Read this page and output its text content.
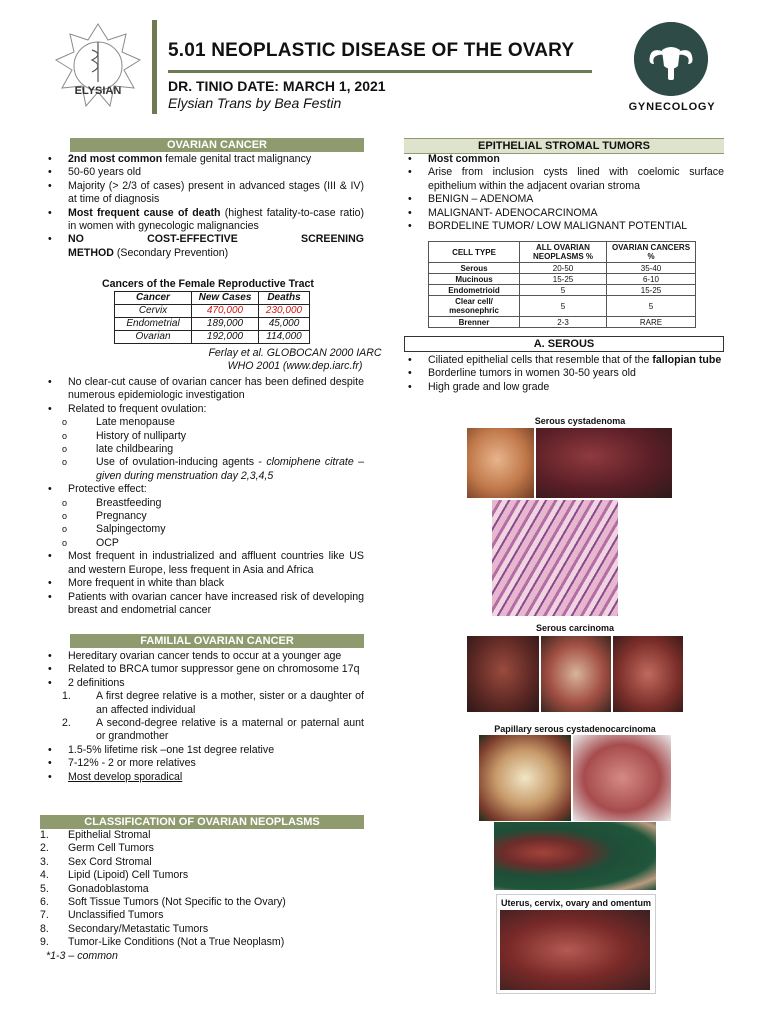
ELYSIAN
5.01 NEOPLASTIC DISEASE OF THE OVARY
DR. TINIO DATE: MARCH 1, 2021
Elysian Trans by Bea Festin	GYNECOLOGY
OVARIAN CANCER
• 2nd most common female genital tract malignancy
• 50-60 years old
• Majority (> 2/3 of cases) present in advanced stages (III & IV) at time of diagnosis
• Most frequent cause of death (highest fatality-to-case ratio) in women with gynecologic malignancies
• NO COST-EFFECTIVE SCREENING METHOD (Secondary Prevention)
Cancers of the Female Reproductive Tract
Cancer	New Cases	Deaths
Cervix	470,000	230,000
Endometrial	189,000	45,000
Ovarian	192,000	114,000
Ferlay et al. GLOBOCAN 2000 IARC
WHO 2001 (www.dep.iarc.fr)
• No clear-cut cause of ovarian cancer has been defined despite numerous epidemiologic investigation
• Related to frequent ovulation:
o Late menopause
o History of nulliparty
o late childbearing
o Use of ovulation-inducing agents - clomiphene citrate – given during menstruation day 2,3,4,5
• Protective effect:
o Breastfeeding
o Pregnancy
o Salpingectomy
o OCP
• Most frequent in industrialized and affluent countries like US and western Europe, less frequent in Asia and Africa
• More frequent in white than black
• Patients with ovarian cancer have increased risk of developing breast and endometrial cancer
FAMILIAL OVARIAN CANCER
• Hereditary ovarian cancer tends to occur at a younger age
• Related to BRCA tumor suppressor gene on chromosome 17q
• 2 definitions
1. A first degree relative is a mother, sister or a daughter of an affected individual
2. A second-degree relative is a maternal or paternal aunt or grandmother
• 1.5-5% lifetime risk –one 1st degree relative
• 7-12% - 2 or more relatives
• Most develop sporadical
CLASSIFICATION OF OVARIAN NEOPLASMS
1. Epithelial Stromal
2. Germ Cell Tumors
3. Sex Cord Stromal
4. Lipid (Lipoid) Cell Tumors
5. Gonadoblastoma
6. Soft Tissue Tumors (Not Specific to the Ovary)
7. Unclassified Tumors
8. Secondary/Metastatic Tumors
9. Tumor-Like Conditions (Not a True Neoplasm)
*1-3 – common
EPITHELIAL STROMAL TUMORS
• Most common
• Arise from inclusion cysts lined with coelomic surface epithelium within the adjacent ovarian stroma
• BENIGN – ADENOMA
• MALIGNANT- ADENOCARCINOMA
• BORDELINE TUMOR/ LOW MALIGNANT POTENTIAL
CELL TYPE	ALL OVARIAN NEOPLASMS %	OVARIAN CANCERS %
Serous	20-50	35-40
Mucinous	15-25	6-10
Endometrioid	5	15-25
Clear cell/ mesonephric	5	5
Brenner	2-3	RARE
A. SEROUS
• Ciliated epithelial cells that resemble that of the fallopian tube
• Borderline tumors in women 30-50 years old
• High grade and low grade
Serous cystadenoma
Serous carcinoma
Papillary serous cystadenocarcinoma
Uterus, cervix, ovary and omentum
